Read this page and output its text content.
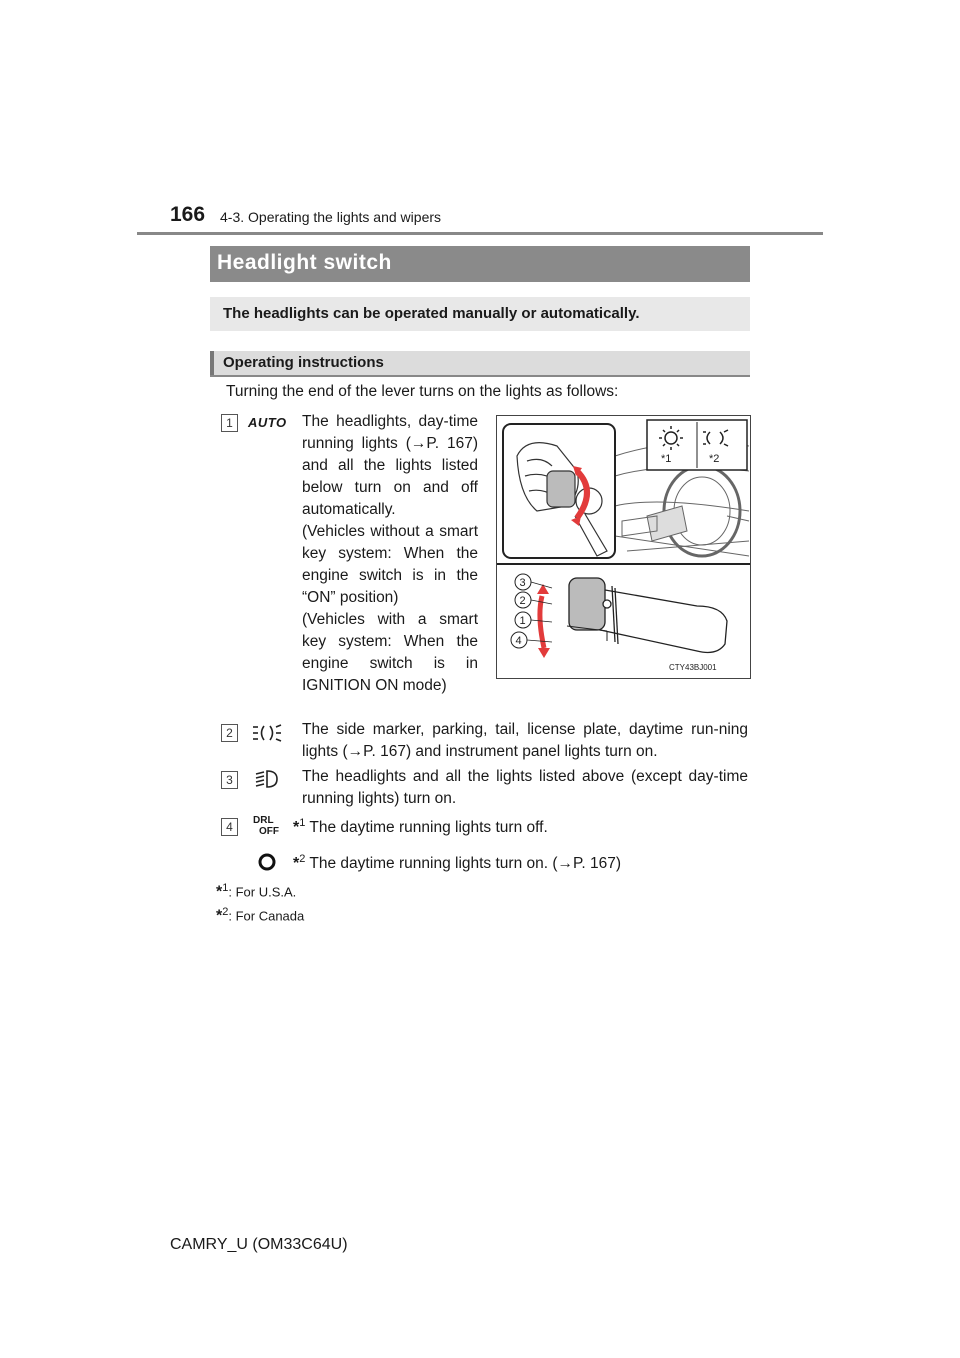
166 4-3. Operating the lights and wipers
Headlight switch
The headlights can be operated manually or automatically.
Operating instructions
Turning the end of the lever turns on the lights as follows:
1	AUTO The headlights, day-time running lights (→P. 167) and all the lights listed below turn on and off automatically.

(Vehicles without a smart key system: When the engine switch is in the “ON” position)

(Vehicles with a smart key system: When the engine switch is in IGNITION ON mode)

*1	*2
3
2
1
4
CTY43BJ001
2	The side marker, parking, tail, license plate, daytime run-ning lights (→P. 167) and instrument panel lights turn on.
3	The headlights and all the lights listed above (except day-time running lights) turn on.
4	DRL
OFF *$^1$ The daytime running lights turn off.
*$^2$ The daytime running lights turn on. (→P. 167)
*$^1$: For U.S.A.
*$^2$: For Canada
CAMRY_U (OM33C64U)
